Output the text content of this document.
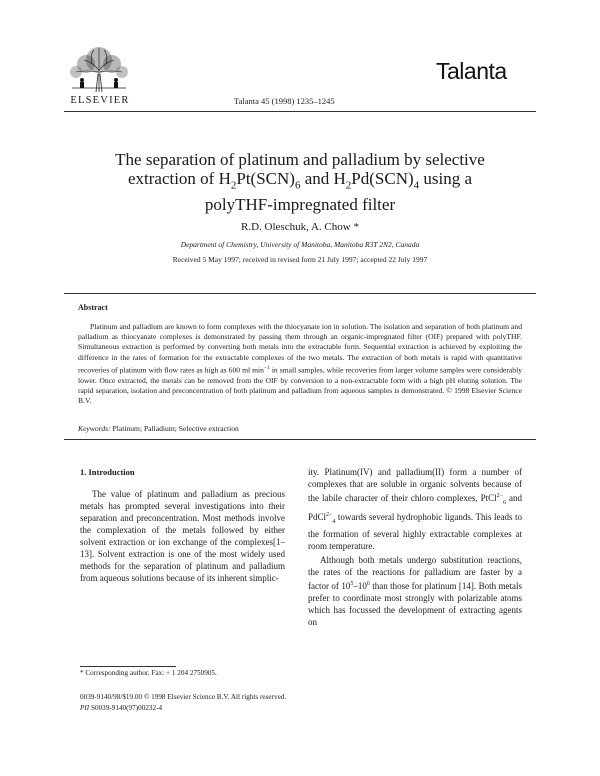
ELSEVIER	Talanta 45 (1998) 1235–1245
Talanta
The separation of platinum and palladium by selective
extraction of $H_2Pt(SCN)_6$ and $H_2Pd(SCN)_4$ using a
polyTHF-impregnated filter
R.D. Oleschuk, A. Chow *
Department of Chemistry, University of Manitoba, Manitoba R3T 2N2, Canada
Received 5 May 1997; received in revised form 21 July 1997; accepted 22 July 1997
Abstract
Platinum and palladium are known to form complexes with the thiocyanate ion in solution. The isolation and separation of both platinum and palladium as thiocyanate complexes is demonstrated by passing them through an organic-impregnated filter (OIF) prepared with polyTHF. Simultaneous extraction is performed by converting both metals into the extractable form. Sequential extraction is achieved by exploiting the difference in the rates of formation for the extractable complexes of the two metals. The extraction of both metals is rapid with quantitative recoveries of platinum with flow rates as high as 600 ml $\min^{-1}$ in small samples, while recoveries from larger volume samples were considerably lower. Once extracted, the metals can be removed from the OIF by conversion to a non-extractable form with a high pH eluting solution. The rapid separation, isolation and preconcentration of both platinum and palladium from aqueous samples is demonstrated. © 1998 Elsevier Science B.V.
Keywords: Platinum; Palladium; Selective extraction
1. Introduction

The value of platinum and palladium as precious metals has prompted several investigations into their separation and preconcentration. Most methods involve the complexation of the metals followed by either solvent extraction or ion exchange of the complexes[1–13]. Solvent extraction is one of the most widely used methods for the separation of platinum and palladium from aqueous solutions because of its inherent simplic-

ity. Platinum(IV) and palladium(II) form a number of complexes that are soluble in organic solvents because of the labile character of their chloro complexes, PtCl$^{2-}_6$ and PdCl$^{2-}_4$ towards several hydrophobic ligands. This leads to the formation of several highly extractable complexes at room temperature.

Although both metals undergo substitution reactions, the rates of the reactions for palladium are faster by a factor of $10^5-10^6$ than those for platinum [14]. Both metals prefer to coordinate most strongly with polarizable atoms which has focussed the development of extracting agents on

* Corresponding author. Fax: + 1 204 2750905.
0039-9140/98/$19.00 © 1998 Elsevier Science B.V. All rights reserved.
PII S0039-9140(97)00232-4
